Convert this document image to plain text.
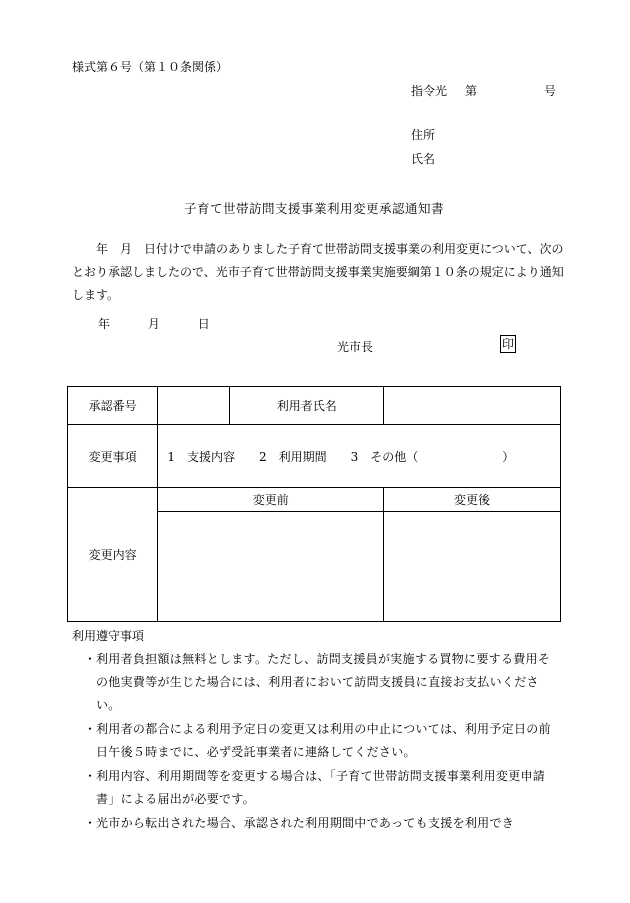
様式第６号（第１０条関係）
指令光 第	号
住所
氏名
子育て世帯訪問支援事業利用変更承認通知書

　　年　月　日付けで申請のありました子育て世帯訪問支援事業の利用変更について、次のとおり承認しましたので、光市子育て世帯訪問支援事業実施要綱第１０条の規定により通知します。

年	月	日
光市長	印
承認番号		利用者氏名	
変更事項	1　支援内容　　2　利用期間　　3　その他（　　　　　　　）		
変更内容	変更前		変更後

利用遵守事項
・ 利用者負担額は無料とします。ただし、訪問支援員が実施する買物に要する費用その他実費等が生じた場合には、利用者において訪問支援員に直接お支払いください。
・ 利用者の都合による利用予定日の変更又は利用の中止については、利用予定日の前日午後５時までに、必ず受託事業者に連絡してください。
・ 利用内容、利用期間等を変更する場合は、「子育て世帯訪問支援事業利用変更申請書」による届出が必要です。
・ 光市から転出された場合、承認された利用期間中であっても支援を利用でき
